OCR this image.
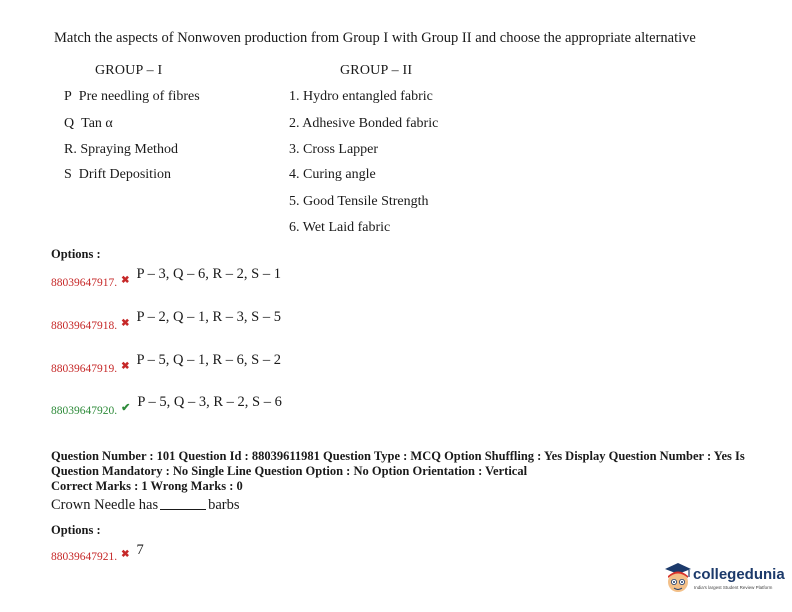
Match the aspects of Nonwoven production from Group I with Group II and choose the appropriate alternative
GROUP – I	GROUP – II
P Pre needling of fibres
Q Tan α
R. Spraying Method
S Drift Deposition
1. Hydro entangled fabric
2. Adhesive Bonded fabric
3. Cross Lapper
4. Curing angle
5. Good Tensile Strength
6. Wet Laid fabric
Options :
$_{88039647917.}$ ✖ P – 3, Q – 6, R – 2, S – 1
$_{88039647918.}$ ✖ P – 2, Q – 1, R – 3, S – 5
$_{88039647919.}$ ✖ P – 5, Q – 1, R – 6, S – 2
$_{88039647920.}$ ✔ P – 5, Q – 3, R – 2, S – 6
Question Number : 101 Question Id : 88039611981 Question Type : MCQ Option Shuffling : Yes Display Question Number : Yes Is
Question Mandatory : No Single Line Question Option : No Option Orientation : Vertical
Correct Marks : 1 Wrong Marks : 0
Crown Needle has	barbs
Options :
$_{88039647921.}$ ✖ 7
collegedunia
India's largest Student Review Platform
